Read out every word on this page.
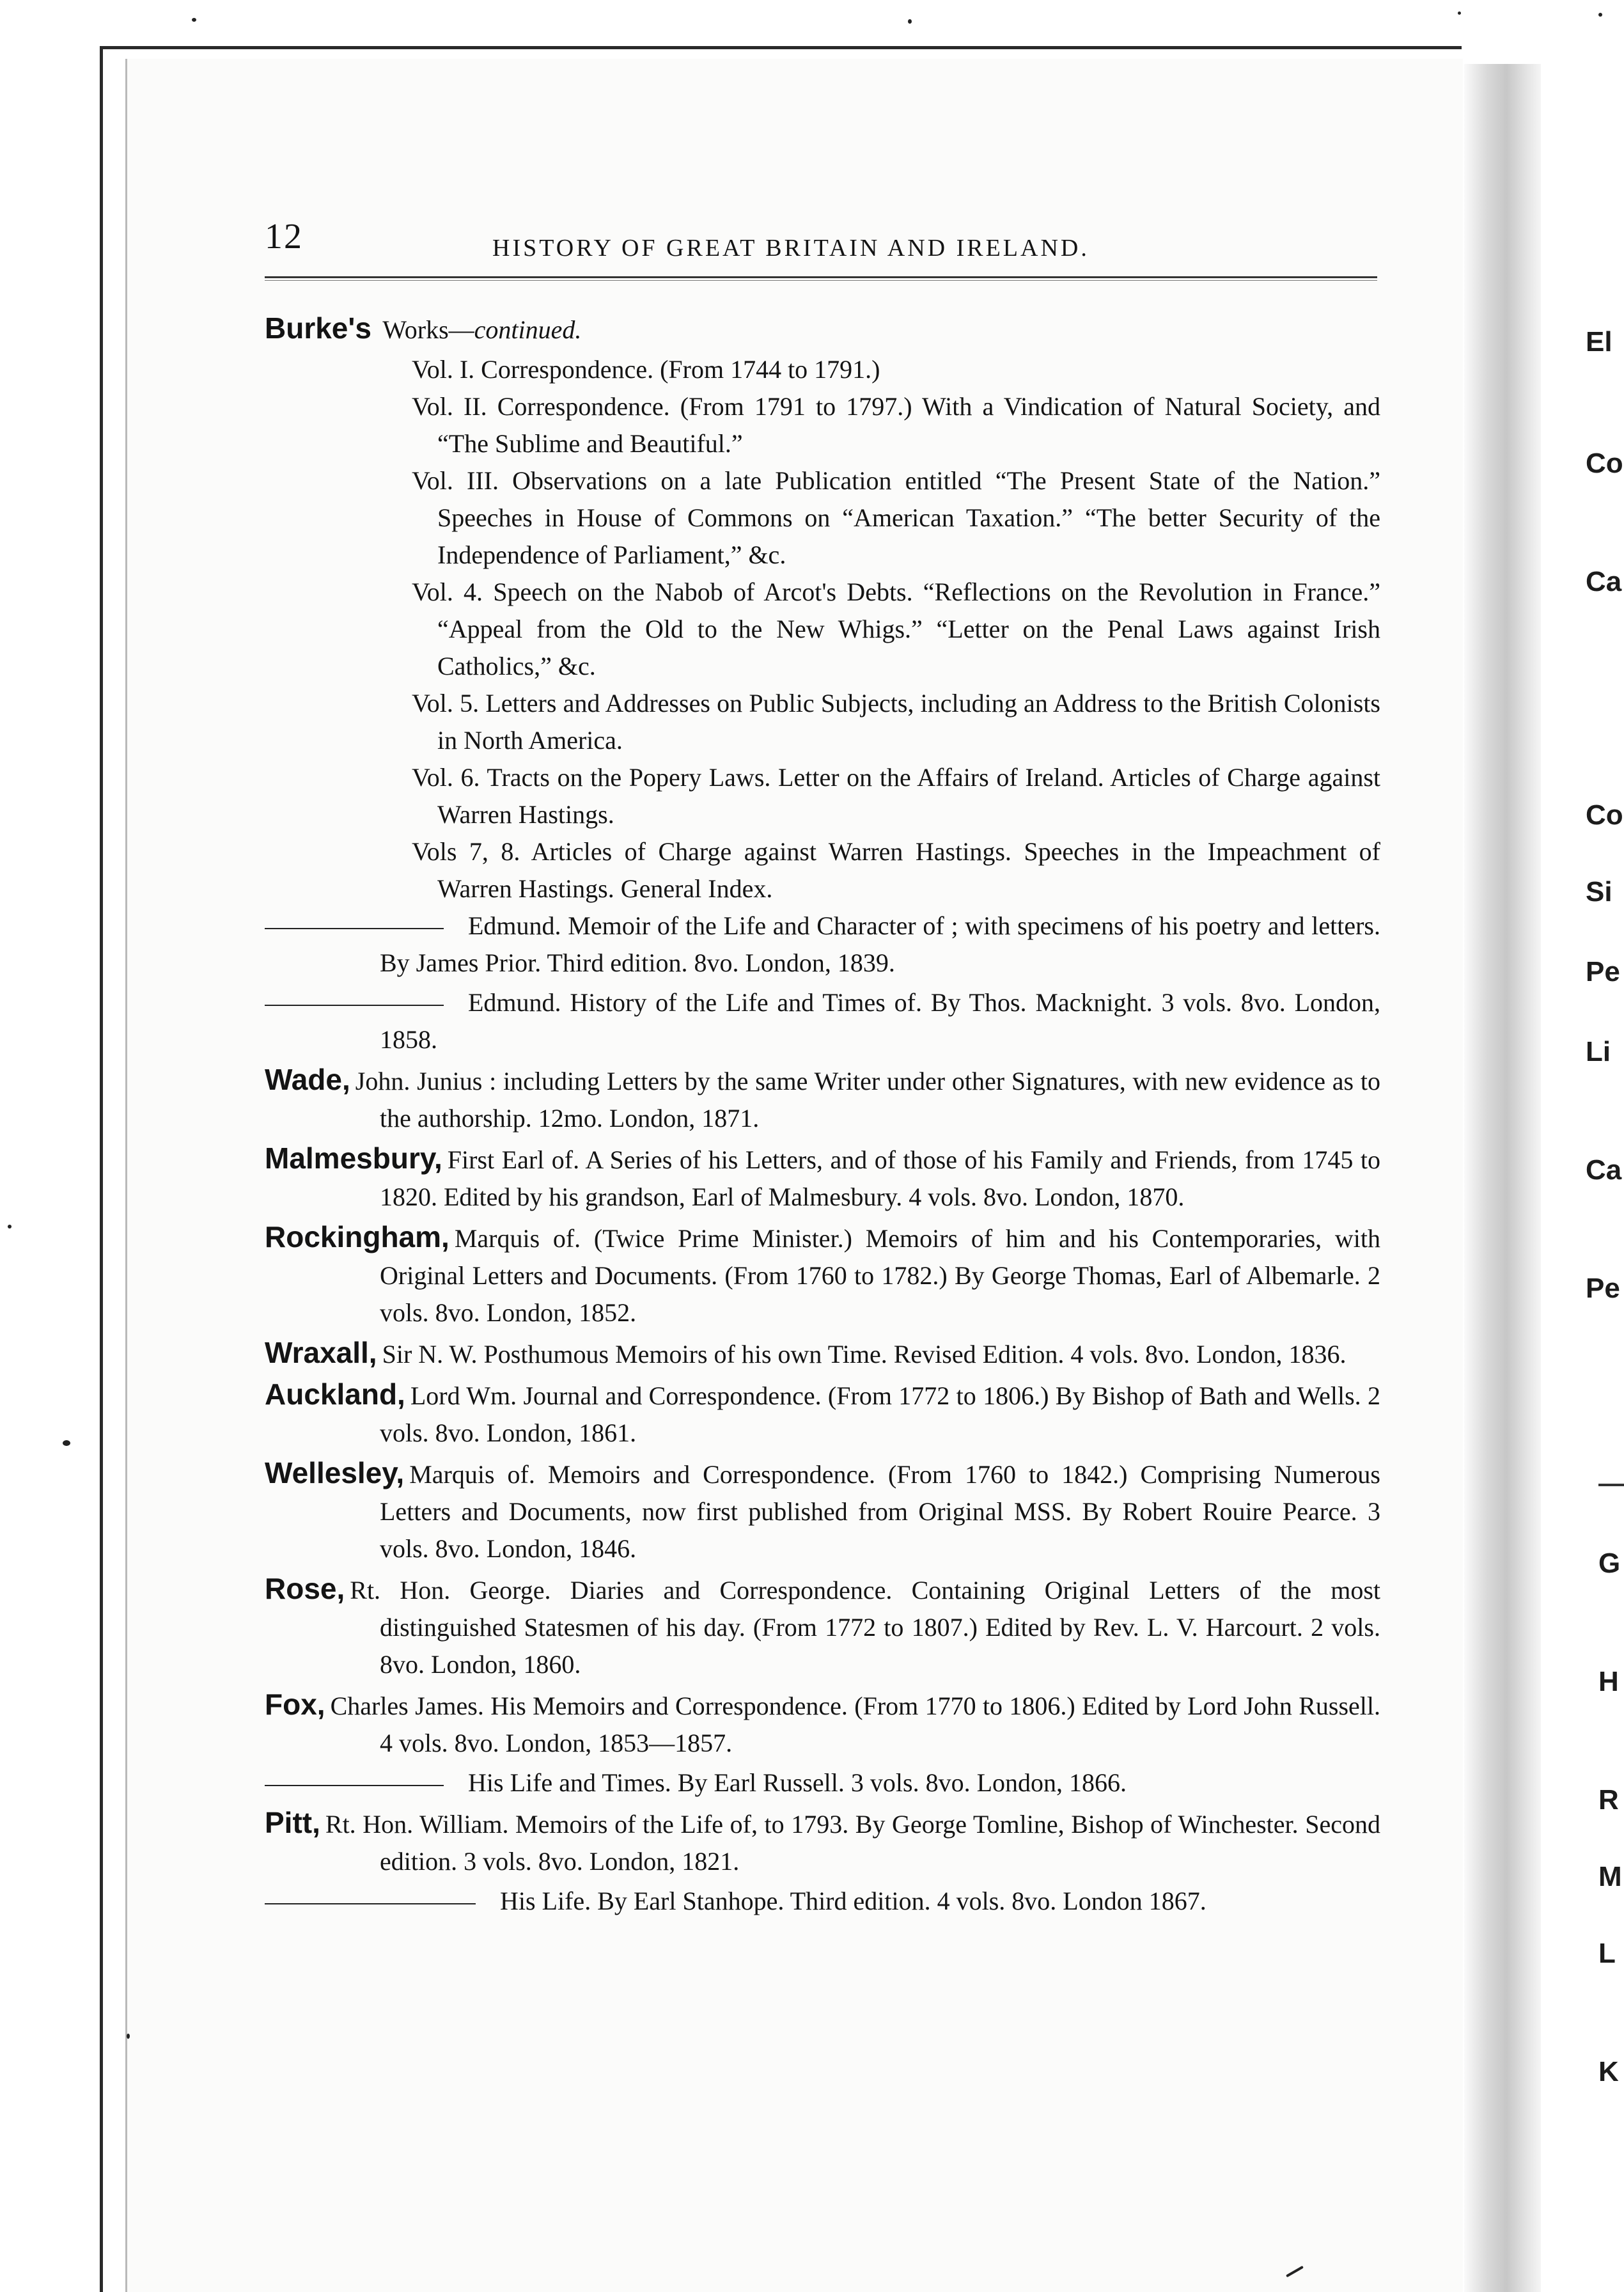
El
Co
Ca
Co
Si
Pe
Li
Ca
Pe
G
H
R
M
L
K
12	HISTORY OF GREAT BRITAIN AND IRELAND.
Burke's Works—continued.

Vol. I. Correspondence. (From 1744 to 1791.)

Vol. II. Correspondence. (From 1791 to 1797.) With a Vindication of Natural Society, and “The Sublime and Beautiful.”

Vol. III. Observations on a late Publication entitled “The Present State of the Nation.” Speeches in House of Commons on “American Taxation.” “The better Security of the Independence of Parliament,” &c.

Vol. 4. Speech on the Nabob of Arcot's Debts. “Reflections on the Revolution in France.” “Appeal from the Old to the New Whigs.” “Letter on the Penal Laws against Irish Catholics,” &c.

Vol. 5. Letters and Addresses on Public Subjects, including an Address to the British Colonists in North America.

Vol. 6. Tracts on the Popery Laws. Letter on the Affairs of Ireland. Articles of Charge against Warren Hastings.

Vols 7, 8. Articles of Charge against Warren Hastings. Speeches in the Impeachment of Warren Hastings. General Index.

Edmund. Memoir of the Life and Character of ; with specimens of his poetry and letters. By James Prior. Third edition. 8vo. London, 1839.
Edmund. History of the Life and Times of. By Thos. Macknight. 3 vols. 8vo. London, 1858.
Wade, John. Junius : including Letters by the same Writer under other Signatures, with new evidence as to the authorship. 12mo. London, 1871.
Malmesbury, First Earl of. A Series of his Letters, and of those of his Family and Friends, from 1745 to 1820. Edited by his grandson, Earl of Malmesbury. 4 vols. 8vo. London, 1870.
Rockingham, Marquis of. (Twice Prime Minister.) Memoirs of him and his Contemporaries, with Original Letters and Documents. (From 1760 to 1782.) By George Thomas, Earl of Albemarle. 2 vols. 8vo. London, 1852.
Wraxall, Sir N. W. Posthumous Memoirs of his own Time. Revised Edition. 4 vols. 8vo. London, 1836.
Auckland, Lord Wm. Journal and Correspondence. (From 1772 to 1806.) By Bishop of Bath and Wells. 2 vols. 8vo. London, 1861.
Wellesley, Marquis of. Memoirs and Correspondence. (From 1760 to 1842.) Comprising Numerous Letters and Documents, now first published from Original MSS. By Robert Rouire Pearce. 3 vols. 8vo. London, 1846.
Rose, Rt. Hon. George. Diaries and Correspondence. Containing Original Letters of the most distinguished Statesmen of his day. (From 1772 to 1807.) Edited by Rev. L. V. Harcourt. 2 vols. 8vo. London, 1860.
Fox, Charles James. His Memoirs and Correspondence. (From 1770 to 1806.) Edited by Lord John Russell. 4 vols. 8vo. London, 1853—1857.
His Life and Times. By Earl Russell. 3 vols. 8vo. London, 1866.
Pitt, Rt. Hon. William. Memoirs of the Life of, to 1793. By George Tomline, Bishop of Winchester. Second edition. 3 vols. 8vo. London, 1821.
His Life. By Earl Stanhope. Third edition. 4 vols. 8vo. London 1867.
